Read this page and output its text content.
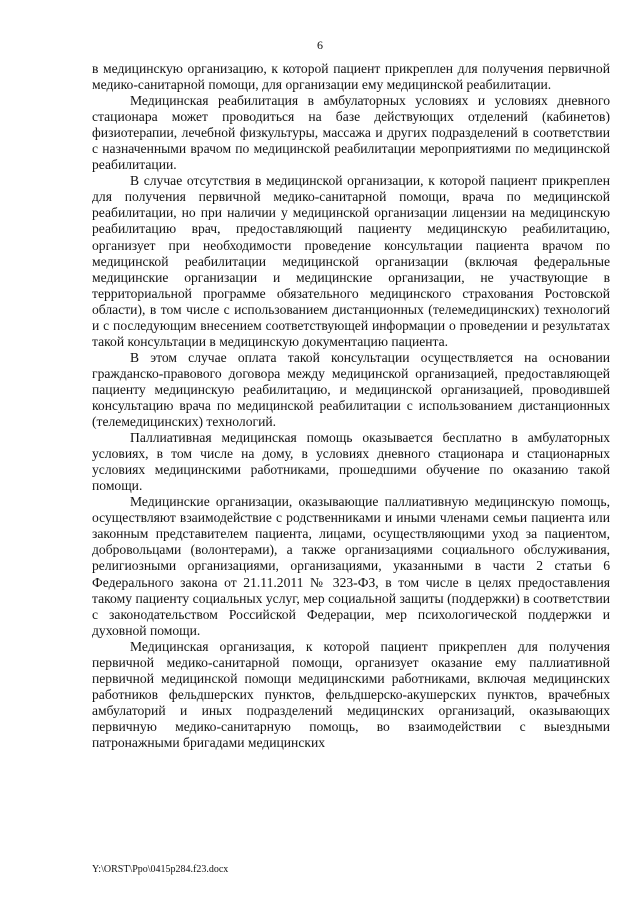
6

в медицинскую организацию, к которой пациент прикреплен для получения первичной медико-санитарной помощи, для организации ему медицинской реабилитации.

Медицинская реабилитация в амбулаторных условиях и условиях дневного стационара может проводиться на базе действующих отделений (кабинетов) физиотерапии, лечебной физкультуры, массажа и других подразделений в соответствии с назначенными врачом по медицинской реабилитации мероприятиями по медицинской реабилитации.

В случае отсутствия в медицинской организации, к которой пациент прикреплен для получения первичной медико-санитарной помощи, врача по медицинской реабилитации, но при наличии у медицинской организации лицензии на медицинскую реабилитацию врач, предоставляющий пациенту медицинскую реабилитацию, организует при необходимости проведение консультации пациента врачом по медицинской реабилитации медицинской организации (включая федеральные медицинские организации и медицинские организации, не участвующие в территориальной программе обязательного медицинского страхования Ростовской области), в том числе с использованием дистанционных (телемедицинских) технологий и с последующим внесением соответствующей информации о проведении и результатах такой консультации в медицинскую документацию пациента.

В этом случае оплата такой консультации осуществляется на основании гражданско-правового договора между медицинской организацией, предоставляющей пациенту медицинскую реабилитацию, и медицинской организацией, проводившей консультацию врача по медицинской реабилитации с использованием дистанционных (телемедицинских) технологий.

Паллиативная медицинская помощь оказывается бесплатно в амбулаторных условиях, в том числе на дому, в условиях дневного стационара и стационарных условиях медицинскими работниками, прошедшими обучение по оказанию такой помощи.

Медицинские организации, оказывающие паллиативную медицинскую помощь, осуществляют взаимодействие с родственниками и иными членами семьи пациента или законным представителем пациента, лицами, осуществляющими уход за пациентом, добровольцами (волонтерами), а также организациями социального обслуживания, религиозными организациями, организациями, указанными в части 2 статьи 6 Федерального закона от 21.11.2011 № 323-ФЗ, в том числе в целях предоставления такому пациенту социальных услуг, мер социальной защиты (поддержки) в соответствии с законодательством Российской Федерации, мер психологической поддержки и духовной помощи.

Медицинская организация, к которой пациент прикреплен для получения первичной медико-санитарной помощи, организует оказание ему паллиативной первичной медицинской помощи медицинскими работниками, включая медицинских работников фельдшерских пунктов, фельдшерско-акушерских пунктов, врачебных амбулаторий и иных подразделений медицинских организаций, оказывающих первичную медико-санитарную помощь, во взаимодействии с выездными патронажными бригадами медицинских

Y:\ORST\Ppo\0415p284.f23.docx
